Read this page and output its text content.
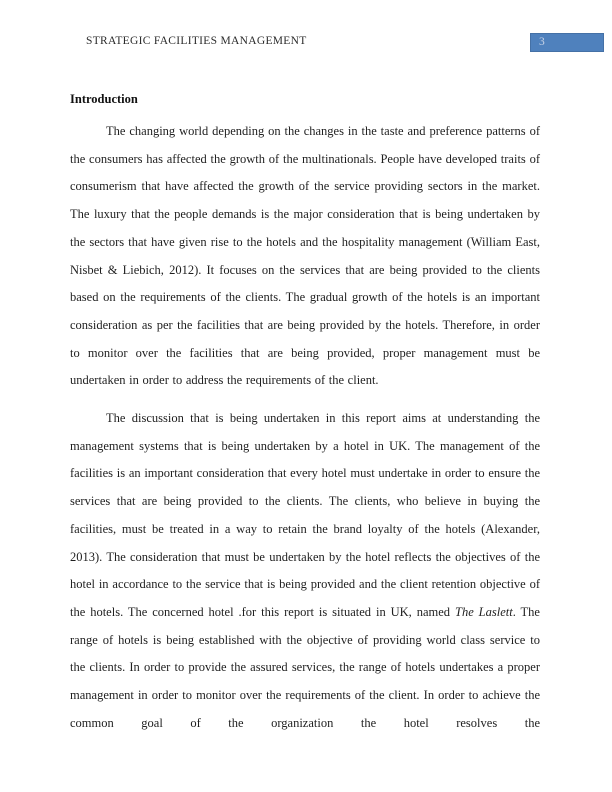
STRATEGIC FACILITIES MANAGEMENT	3
Introduction

The changing world depending on the changes in the taste and preference patterns of the consumers has affected the growth of the multinationals. People have developed traits of consumerism that have affected the growth of the service providing sectors in the market. The luxury that the people demands is the major consideration that is being undertaken by the sectors that have given rise to the hotels and the hospitality management (William East, Nisbet & Liebich, 2012). It focuses on the services that are being provided to the clients based on the requirements of the clients. The gradual growth of the hotels is an important consideration as per the facilities that are being provided by the hotels. Therefore, in order to monitor over the facilities that are being provided, proper management must be undertaken in order to address the requirements of the client.

The discussion that is being undertaken in this report aims at understanding the management systems that is being undertaken by a hotel in UK. The management of the facilities is an important consideration that every hotel must undertake in order to ensure the services that are being provided to the clients. The clients, who believe in buying the facilities, must be treated in a way to retain the brand loyalty of the hotels (Alexander, 2013). The consideration that must be undertaken by the hotel reflects the objectives of the hotel in accordance to the service that is being provided and the client retention objective of the hotels. The concerned hotel .for this report is situated in UK, named The Laslett. The range of hotels is being established with the objective of providing world class service to the clients. In order to provide the assured services, the range of hotels undertakes a proper management in order to monitor over the requirements of the client. In order to achieve the common goal of the organization the hotel resolves the
